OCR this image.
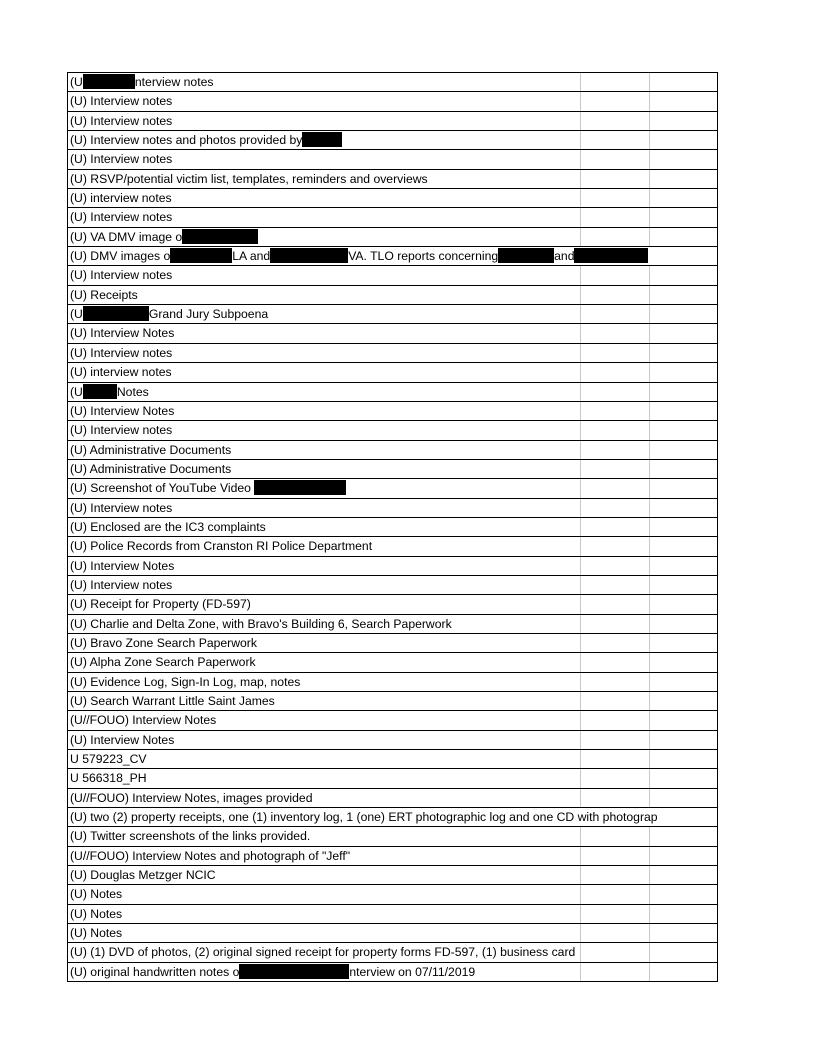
(U	nterview notes
(U) Interview notes
(U) Interview notes
(U) Interview notes and photos provided by
(U) Interview notes
(U) RSVP/potential victim list, templates, reminders and overviews
(U) interview notes
(U) Interview notes
(U) VA DMV image o
(U) DMV images o	LA and	VA. TLO reports concerning	and
(U) Interview notes
(U) Receipts
(U	Grand Jury Subpoena
(U) Interview Notes
(U) Interview notes
(U) interview notes
(U	Notes
(U) Interview Notes
(U) Interview notes
(U) Administrative Documents
(U) Administrative Documents
(U) Screenshot of YouTube Video
(U) Interview notes
(U) Enclosed are the IC3 complaints
(U) Police Records from Cranston RI Police Department
(U) Interview Notes
(U) Interview notes
(U) Receipt for Property (FD-597)
(U) Charlie and Delta Zone, with Bravo's Building 6, Search Paperwork
(U) Bravo Zone Search Paperwork
(U) Alpha Zone Search Paperwork
(U) Evidence Log, Sign-In Log, map, notes
(U) Search Warrant Little Saint James
(U//FOUO) Interview Notes
(U) Interview Notes
U 579223_CV
U 566318_PH
(U//FOUO) Interview Notes, images provided
(U) two (2) property receipts, one (1) inventory log, 1 (one) ERT photographic log and one CD with photograp
(U) Twitter screenshots of the links provided.
(U//FOUO) Interview Notes and photograph of "Jeff"
(U) Douglas Metzger NCIC
(U) Notes
(U) Notes
(U) Notes
(U) (1) DVD of photos, (2) original signed receipt for property forms FD-597, (1) business card
(U) original handwritten notes o	nterview on 07/11/2019
